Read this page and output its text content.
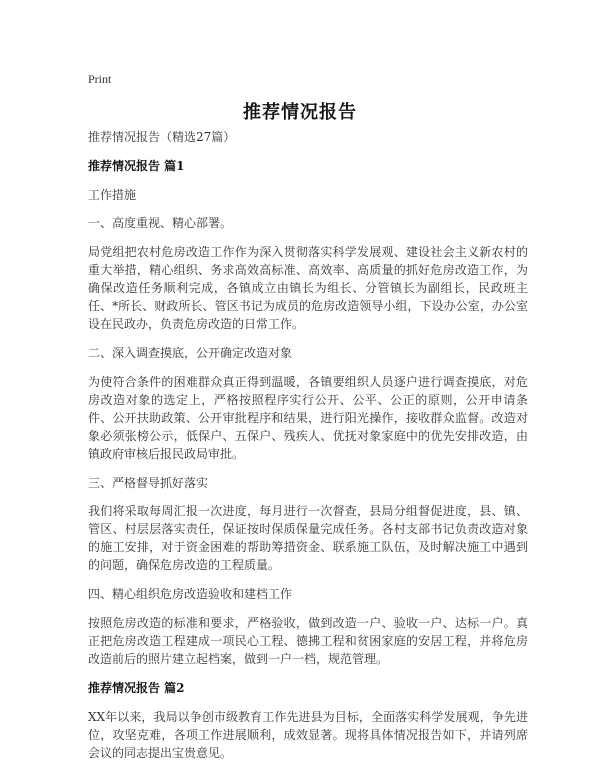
Print
推荐情况报告

推荐情况报告（精选27篇）

推荐情况报告 篇1

工作措施

一、高度重视、精心部署。

局党组把农村危房改造工作作为深入贯彻落实科学发展观、建设社会主义新农村的重大举措，精心组织、务求高效高标准、高效率、高质量的抓好危房改造工作，为确保改造任务顺利完成，各镇成立由镇长为组长、分管镇长为副组长，民政班主任、*所长、财政所长、管区书记为成员的危房改造领导小组，下设办公室，办公室设在民政办，负责危房改造的日常工作。

二、深入调查摸底，公开确定改造对象

为使符合条件的困难群众真正得到温暖，各镇要组织人员逐户进行调查摸底，对危房改造对象的选定上，严格按照程序实行公开、公平、公正的原则，公开申请条件、公开扶助政策、公开审批程序和结果，进行阳光操作，接收群众监督。改造对象必须张榜公示，低保户、五保户、残疾人、优抚对象家庭中的优先安排改造，由镇政府审核后报民政局审批。

三、严格督导抓好落实

我们将采取每周汇报一次进度，每月进行一次督查，县局分组督促进度，县、镇、管区、村层层落实责任，保证按时保质保量完成任务。各村支部书记负责改造对象的施工安排，对于资金困难的帮助筹措资金、联系施工队伍，及时解决施工中遇到的问题，确保危房改造的工程质量。

四、精心组织危房改造验收和建档工作

按照危房改造的标准和要求，严格验收，做到改造一户、验收一户、达标一户。真正把危房改造工程建成一项民心工程、德拂工程和贫困家庭的安居工程，并将危房改造前后的照片建立起档案，做到一户一档，规范管理。

推荐情况报告 篇2

XX年以来，我局以争创市级教育工作先进县为目标，全面落实科学发展观，争先进位，攻坚克难，各项工作进展顺利，成效显著。现将具体情况报告如下，并请列席会议的同志提出宝贵意见。
